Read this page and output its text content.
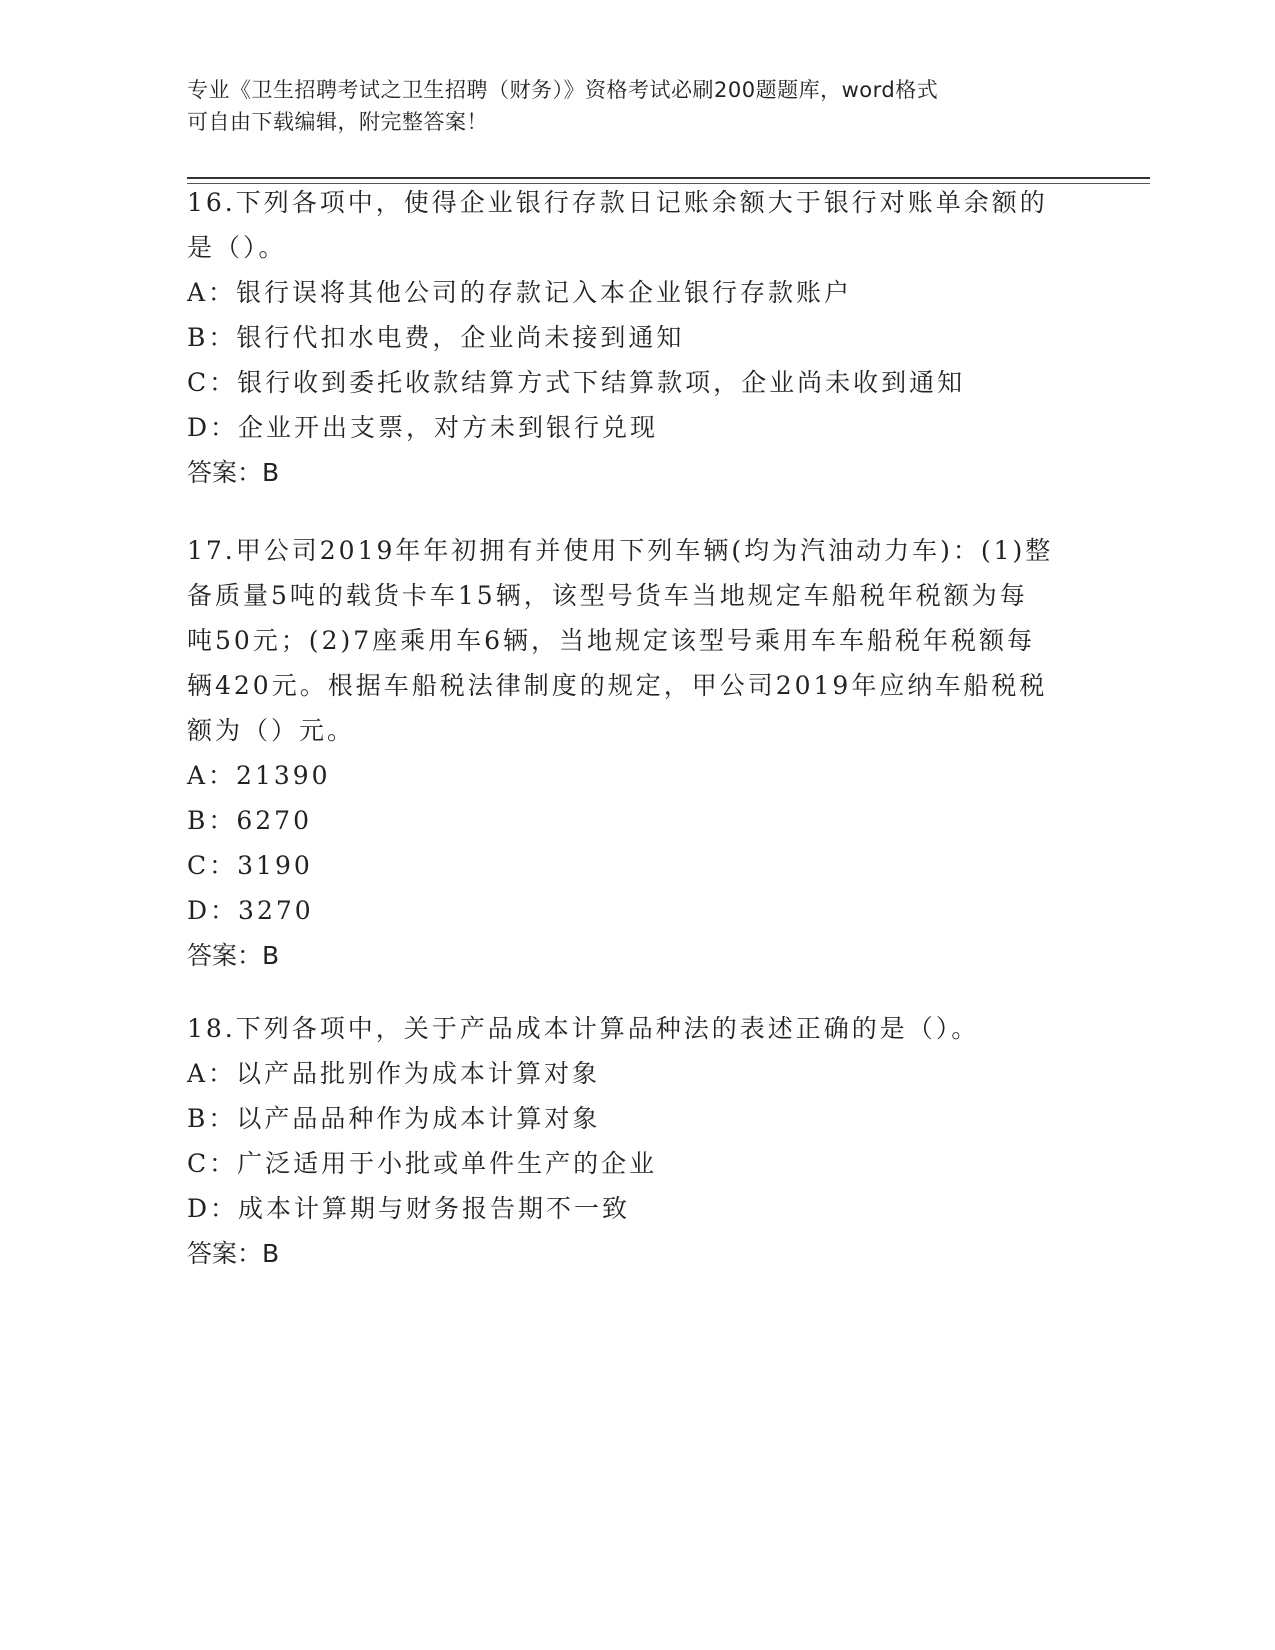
专业《卫生招聘考试之卫生招聘（财务）》资格考试必刷200题题库，word格式
可自由下载编辑，附完整答案！
16.下列各项中，使得企业银行存款日记账余额大于银行对账单余额的
是（）。
A：银行误将其他公司的存款记入本企业银行存款账户
B：银行代扣水电费，企业尚未接到通知
C：银行收到委托收款结算方式下结算款项，企业尚未收到通知
D：企业开出支票，对方未到银行兑现
答案：B
17.甲公司2019年年初拥有并使用下列车辆(均为汽油动力车)：(1)整
备质量5吨的载货卡车15辆，该型号货车当地规定车船税年税额为每
吨50元；(2)7座乘用车6辆，当地规定该型号乘用车车船税年税额每
辆420元。根据车船税法律制度的规定，甲公司2019年应纳车船税税
额为（）元。
A：21390
B：6270
C：3190
D：3270
答案：B
18.下列各项中，关于产品成本计算品种法的表述正确的是（）。
A：以产品批别作为成本计算对象
B：以产品品种作为成本计算对象
C：广泛适用于小批或单件生产的企业
D：成本计算期与财务报告期不一致
答案：B
